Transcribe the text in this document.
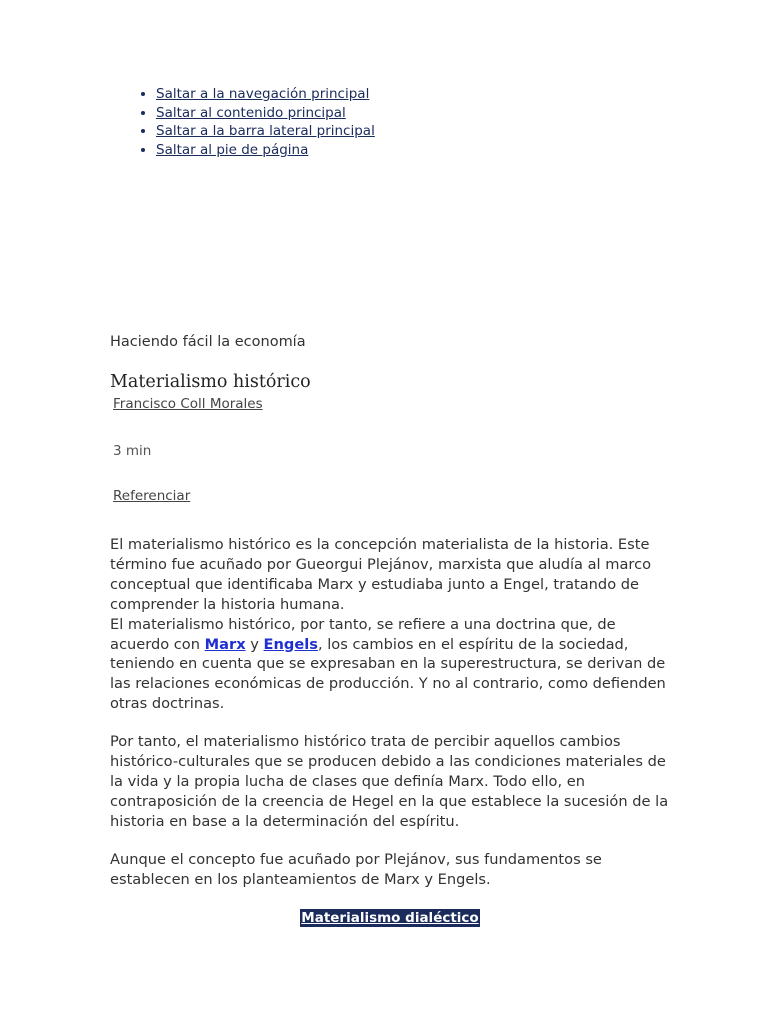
• Saltar a la navegación principal
• Saltar al contenido principal
• Saltar a la barra lateral principal
• Saltar al pie de página

Haciendo fácil la economía

Materialismo histórico
Francisco Coll Morales

3 min

Referenciar

El materialismo histórico es la concepción materialista de la historia. Este término fue acuñado por Gueorgui Plejánov, marxista que aludía al marco conceptual que identificaba Marx y estudiaba junto a Engel, tratando de comprender la historia humana.

El materialismo histórico, por tanto, se refiere a una doctrina que, de acuerdo con Marx y Engels, los cambios en el espíritu de la sociedad, teniendo en cuenta que se expresaban en la superestructura, se derivan de las relaciones económicas de producción. Y no al contrario, como defienden otras doctrinas.

Por tanto, el materialismo histórico trata de percibir aquellos cambios histórico-culturales que se producen debido a las condiciones materiales de la vida y la propia lucha de clases que definía Marx. Todo ello, en contraposición de la creencia de Hegel en la que establece la sucesión de la historia en base a la determinación del espíritu.

Aunque el concepto fue acuñado por Plejánov, sus fundamentos se establecen en los planteamientos de Marx y Engels.

Materialismo dialéctico
